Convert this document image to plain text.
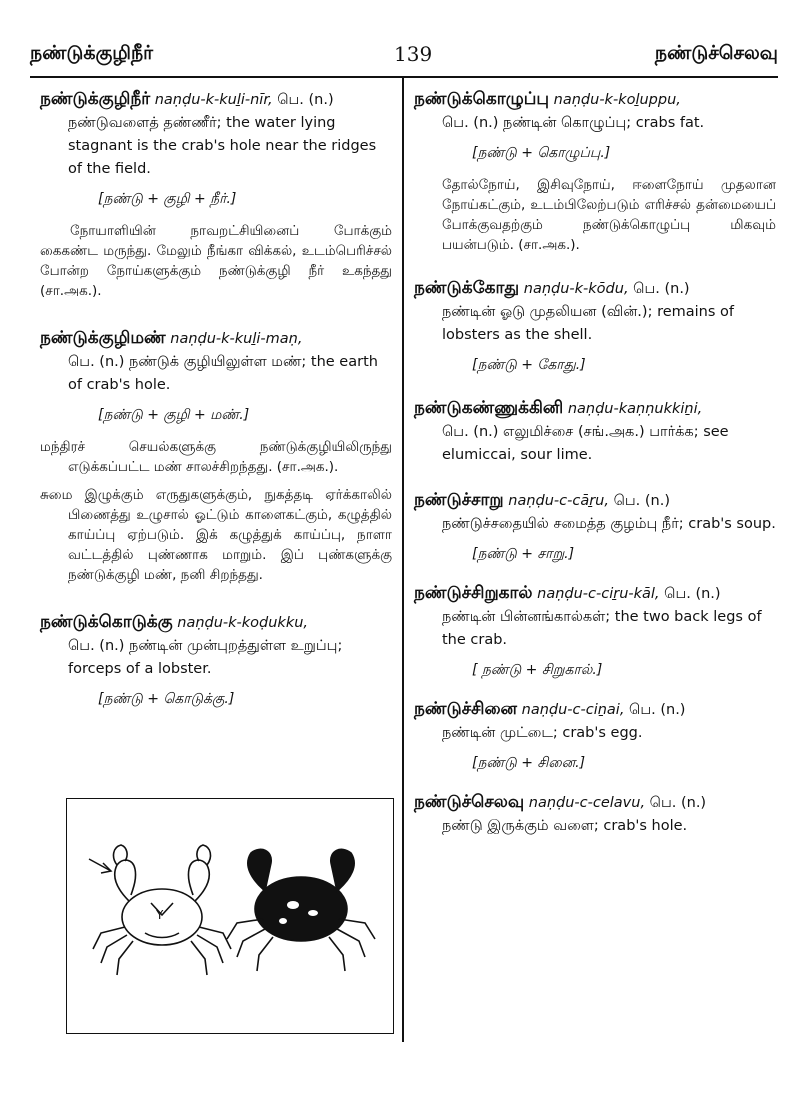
நண்டுக்குழிநீர்	139	நண்டுச்செலவு
நண்டுக்குழிநீர் naṇḍu-k-kuḻi-nīr, பெ. (n.)
நண்டுவளைத் தண்ணீர்; the water lying stagnant is the crab's hole near the ridges of the field.
[நண்டு + குழி + நீர்.]
நோயாளியின் நாவறட்சியினைப் போக்கும் கைகண்ட மருந்து. மேலும் நீங்கா விக்கல், உடம்பெரிச்சல் போன்ற நோய்களுக்கும் நண்டுக்குழி நீர் உகந்தது (சா.அக.).
நண்டுக்குழிமண் naṇḍu-k-kuḻi-maṇ,
பெ. (n.) நண்டுக் குழியிலுள்ள மண்; the earth of crab's hole.
[நண்டு + குழி + மண்.]
மந்திரச் செயல்களுக்கு நண்டுக்குழியிலிருந்து எடுக்கப்பட்ட மண் சாலச்சிறந்தது. (சா.அக.).
சுமை இழுக்கும் எருதுகளுக்கும், நுகத்தடி ஏர்க்காலில் பிணைத்து உழுசால் ஓட்டும் காளைகட்கும், கழுத்தில் காய்ப்பு ஏற்படும். இக் கழுத்துக் காய்ப்பு, நாளா வட்டத்தில் புண்ணாக மாறும். இப் புண்களுக்கு நண்டுக்குழி மண், நனி சிறந்தது.
நண்டுக்கொடுக்கு naṇḍu-k-koḍukku,
பெ. (n.) நண்டின் முன்புறத்துள்ள உறுப்பு; forceps of a lobster.
[நண்டு + கொடுக்கு.]
Y
நண்டுக்கொழுப்பு naṇḍu-k-koḻuppu,
பெ. (n.) நண்டின் கொழுப்பு; crabs fat.
[நண்டு + கொழுப்பு.]
தோல்நோய், இசிவுநோய், ஈளைநோய் முதலான நோய்கட்கும், உடம்பிலேற்படும் எரிச்சல் தன்மையைப் போக்குவதற்கும் நண்டுக்கொழுப்பு மிகவும் பயன்படும். (சா.அக.).
நண்டுக்கோது naṇḍu-k-kōdu, பெ. (n.)
நண்டின் ஓடு முதலியன (வின்.); remains of lobsters as the shell.
[நண்டு + கோது.]
நண்டுகண்ணுக்கினி naṇḍu-kaṇṇukkiṉi,
பெ. (n.) எலுமிச்சை (சங்.அக.) பார்க்க; see elumiccai, sour lime.
நண்டுச்சாறு naṇḍu-c-cāṟu, பெ. (n.)
நண்டுச்சதையில் சமைத்த குழம்பு நீர்; crab's soup.
[நண்டு + சாறு.]
நண்டுச்சிறுகால் naṇḍu-c-ciṟu-kāl, பெ. (n.)
நண்டின் பின்னங்கால்கள்; the two back legs of the crab.
[ நண்டு + சிறுகால்.]
நண்டுச்சினை naṇḍu-c-ciṉai, பெ. (n.)
நண்டின் முட்டை; crab's egg.
[நண்டு + சினை.]
நண்டுச்செலவு naṇḍu-c-celavu, பெ. (n.)
நண்டு இருக்கும் வளை; crab's hole.
